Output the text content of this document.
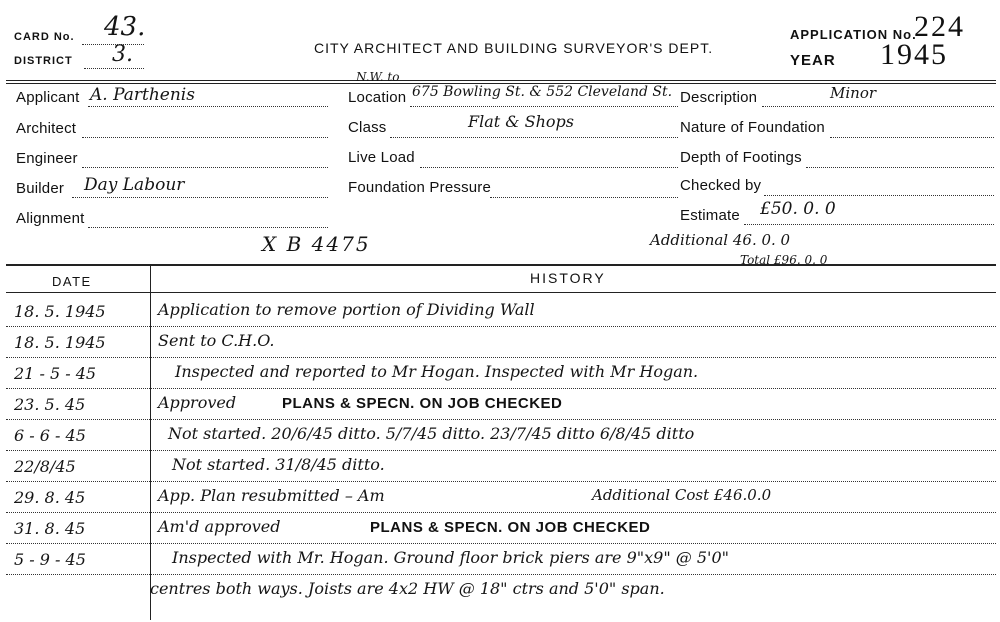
CARD No. 43.
DISTRICT 3.	CITY ARCHITECT AND BUILDING SURVEYOR'S DEPT.
APPLICATION No.
224
YEAR 1945
Applicant A. Parthenis
Architect
Engineer
Builder Day Labour
Alignment
N.W. to
Location 675 Bowling St. & 552 Cleveland St.
Class	Flat & Shops
Live Load
Foundation Pressure
Description	Minor
Nature of Foundation
Depth of Footings
Checked by
Estimate £50. 0. 0
X B 4475	Additional 46. 0. 0
Total £96. 0. 0
DATE	HISTORY
18. 5. 1945	Application to remove portion of Dividing Wall
18. 5. 1945	Sent to C.H.O.
21 - 5 - 45	Inspected and reported to Mr Hogan. Inspected with Mr Hogan.
23. 5. 45	Approved	PLANS & SPECN. ON JOB CHECKED
6 - 6 - 45	Not started. 20/6/45 ditto. 5/7/45 ditto. 23/7/45 ditto 6/8/45 ditto
22/8/45	Not started. 31/8/45 ditto.
29. 8. 45	App. Plan resubmitted – Am	Additional Cost £46.0.0
31. 8. 45	Am'd approved	PLANS & SPECN. ON JOB CHECKED
5 - 9 - 45	Inspected with Mr. Hogan. Ground floor brick piers are 9"x9" @ 5'0"
centres both ways. Joists are 4x2 HW @ 18" ctrs and 5'0" span.
